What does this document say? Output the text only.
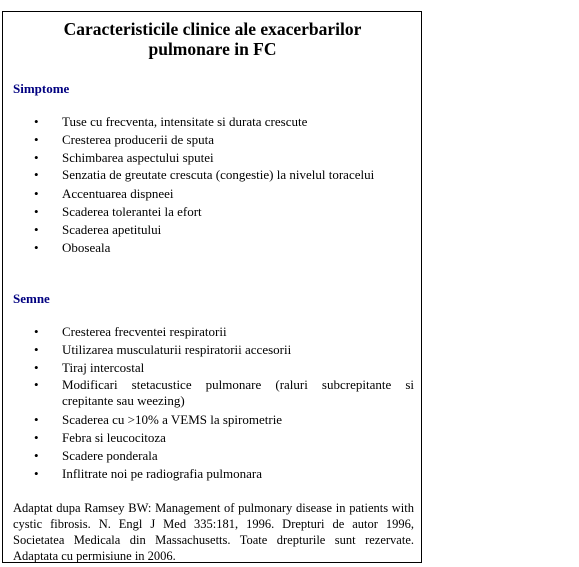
Caracteristicile clinice ale exacerbarilor
pulmonare in FC
Simptome
• Tuse cu frecventa, intensitate si durata crescute
• Cresterea producerii de sputa
• Schimbarea aspectului sputei
• Senzatia de greutate crescuta (congestie) la nivelul toracelui
• Accentuarea dispneei
• Scaderea tolerantei la efort
• Scaderea apetitului
• Oboseala
Semne
• Cresterea frecventei respiratorii
• Utilizarea musculaturii respiratorii accesorii
• Tiraj intercostal
• Modificari stetacustice pulmonare (raluri subcrepitante si crepitante sau weezing)
• Scaderea cu >10% a VEMS la spirometrie
• Febra si leucocitoza
• Scadere ponderala
• Inflitrate noi pe radiografia pulmonara
Adaptat dupa Ramsey BW: Management of pulmonary disease in patients with cystic fibrosis. N. Engl J Med 335:181, 1996. Drepturi de autor 1996, Societatea Medicala din Massachusetts. Toate drepturile sunt rezervate. Adaptata cu permisiune in 2006.
